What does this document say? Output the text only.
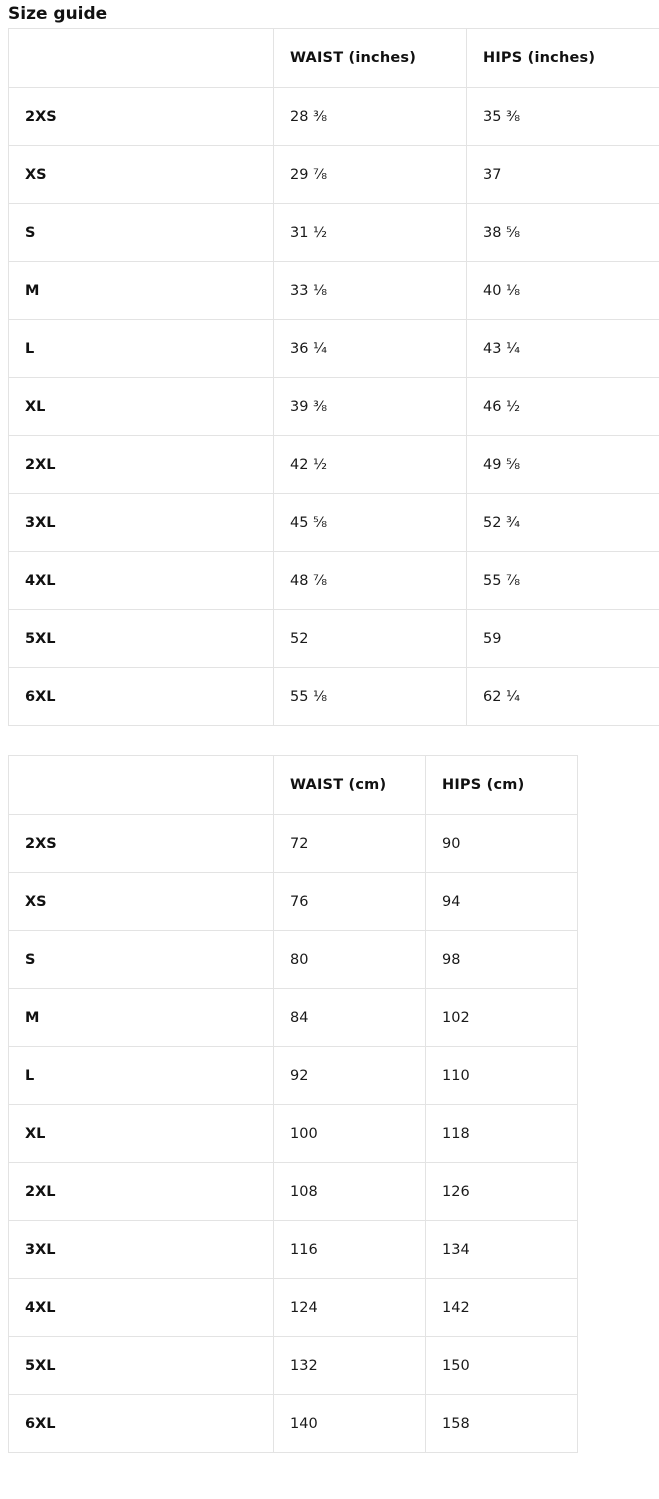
Size guide
	WAIST (inches)	HIPS (inches)
2XS	28 ⅜	35 ⅜
XS	29 ⅞	37
S	31 ½	38 ⅝
M	33 ⅛	40 ⅛
L	36 ¼	43 ¼
XL	39 ⅜	46 ½
2XL	42 ½	49 ⅝
3XL	45 ⅝	52 ¾
4XL	48 ⅞	55 ⅞
5XL	52	59
6XL	55 ⅛	62 ¼
	WAIST (cm)	HIPS (cm)
2XS	72	90
XS	76	94
S	80	98
M	84	102
L	92	110
XL	100	118
2XL	108	126
3XL	116	134
4XL	124	142
5XL	132	150
6XL	140	158
